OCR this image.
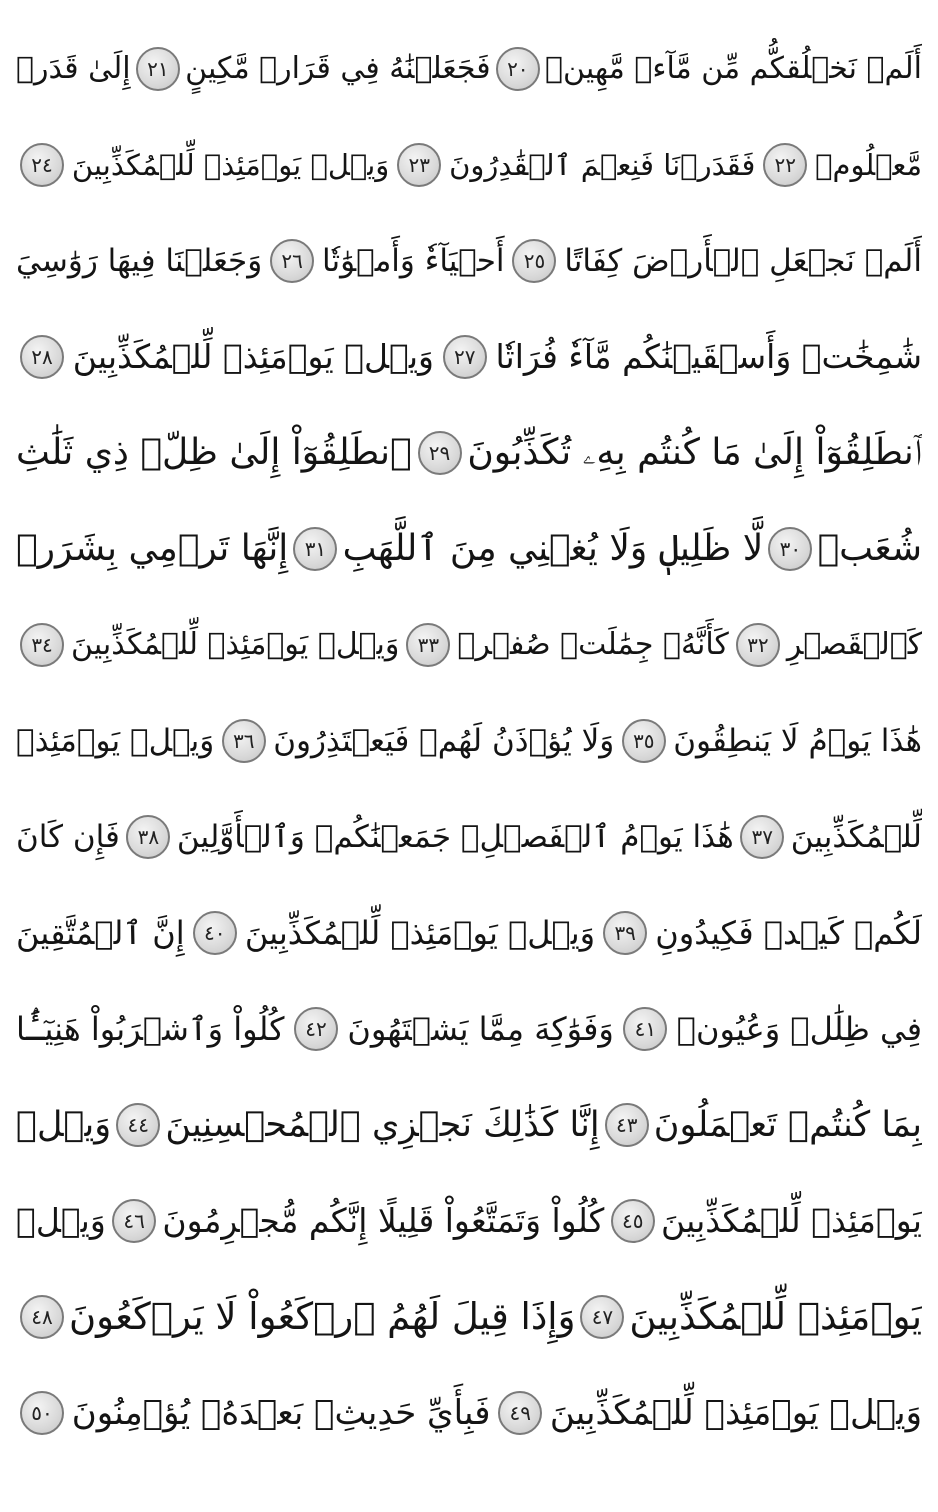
أَلَمۡ نَخۡلُقكُّم مِّن مَّآءٖ مَّهِينٖ
٢٠
فَجَعَلۡنَٰهُ فِي قَرَارٖ مَّكِينٍ
٢١
إِلَىٰ قَدَرٖ
مَّعۡلُومٖ
٢٢
فَقَدَرۡنَا فَنِعۡمَ ٱلۡقَٰدِرُونَ
٢٣
وَيۡلٞ يَوۡمَئِذٖ لِّلۡمُكَذِّبِينَ
٢٤
أَلَمۡ نَجۡعَلِ ٱلۡأَرۡضَ كِفَاتًا
٢٥
أَحۡيَآءٗ وَأَمۡوَٰتٗا
٢٦
وَجَعَلۡنَا فِيهَا رَوَٰسِيَ
شَٰمِخَٰتٖ وَأَسۡقَيۡنَٰكُم مَّآءٗ فُرَاتٗا
٢٧
وَيۡلٞ يَوۡمَئِذٖ لِّلۡمُكَذِّبِينَ
٢٨
ٱنطَلِقُوٓاْ إِلَىٰ مَا كُنتُم بِهِۦ تُكَذِّبُونَ
٢٩
ٱنطَلِقُوٓاْ إِلَىٰ ظِلّٖ ذِي ثَلَٰثِ
شُعَبٖ
٣٠
لَّا ظَلِيلٖ وَلَا يُغۡنِي مِنَ ٱللَّهَبِ
٣١
إِنَّهَا تَرۡمِي بِشَرَرٖ
كَٱلۡقَصۡرِ
٣٢
كَأَنَّهُۥ جِمَٰلَتٞ صُفۡرٞ
٣٣
وَيۡلٞ يَوۡمَئِذٖ لِّلۡمُكَذِّبِينَ
٣٤
هَٰذَا يَوۡمُ لَا يَنطِقُونَ
٣٥
وَلَا يُؤۡذَنُ لَهُمۡ فَيَعۡتَذِرُونَ
٣٦
وَيۡلٞ يَوۡمَئِذٖ
لِّلۡمُكَذِّبِينَ
٣٧
هَٰذَا يَوۡمُ ٱلۡفَصۡلِۖ جَمَعۡنَٰكُمۡ وَٱلۡأَوَّلِينَ
٣٨
فَإِن كَانَ
لَكُمۡ كَيۡدٞ فَكِيدُونِ
٣٩
وَيۡلٞ يَوۡمَئِذٖ لِّلۡمُكَذِّبِينَ
٤٠
إِنَّ ٱلۡمُتَّقِينَ
فِي ظِلَٰلٖ وَعُيُونٖ
٤١
وَفَوَٰكِهَ مِمَّا يَشۡتَهُونَ
٤٢
كُلُواْ وَٱشۡرَبُواْ هَنِيٓـَٔۢا
بِمَا كُنتُمۡ تَعۡمَلُونَ
٤٣
إِنَّا كَذَٰلِكَ نَجۡزِي ٱلۡمُحۡسِنِينَ
٤٤
وَيۡلٞ
يَوۡمَئِذٖ لِّلۡمُكَذِّبِينَ
٤٥
كُلُواْ وَتَمَتَّعُواْ قَلِيلًا إِنَّكُم مُّجۡرِمُونَ
٤٦
وَيۡلٞ
يَوۡمَئِذٖ لِّلۡمُكَذِّبِينَ
٤٧
وَإِذَا قِيلَ لَهُمُ ٱرۡكَعُواْ لَا يَرۡكَعُونَ
٤٨
وَيۡلٞ يَوۡمَئِذٖ لِّلۡمُكَذِّبِينَ
٤٩
فَبِأَيِّ حَدِيثِۭ بَعۡدَهُۥ يُؤۡمِنُونَ
٥٠
